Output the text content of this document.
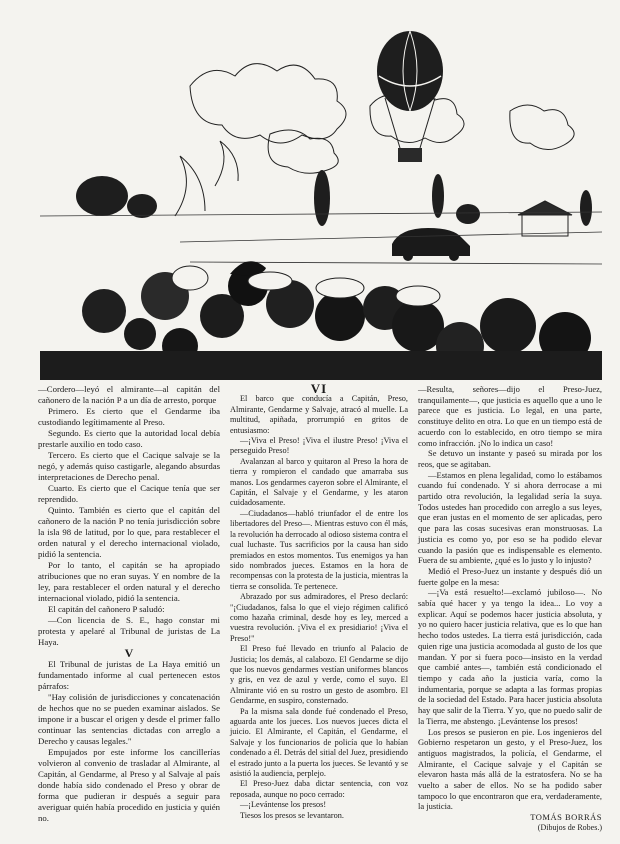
—Cordero—leyó el almirante—al capitán del cañonero de la nación P a un día de arresto, porque

Primero. Es cierto que el Gendarme iba custodiando legítimamente al Preso.

Segundo. Es cierto que la autoridad local debía prestarle auxilio en todo caso.

Tercero. Es cierto que el Cacique salvaje se la negó, y además quiso castigarle, alegando absurdas interpretaciones de Derecho penal.

Cuarto. Es cierto que el Cacique tenía que ser reprendido.

Quinto. También es cierto que el capitán del cañonero de la nación P no tenía jurisdicción sobre la isla 98 de latitud, por lo que, para restablecer el orden natural y el derecho internacional violado, pidió la sentencia.

Por lo tanto, el capitán se ha apropiado atribuciones que no eran suyas. Y en nombre de la ley, para restablecer el orden natural y el derecho internacional violado, pidió la sentencia.

El capitán del cañonero P saludó:

—Con licencia de S. E., hago constar mi protesta y apelaré al Tribunal de juristas de La Haya.

V

El Tribunal de juristas de La Haya emitió un fundamentado informe al cual pertenecen estos párrafos:

"Hay colisión de jurisdicciones y concatenación de hechos que no se pueden examinar aislados. Se impone ir a buscar el origen y desde el primer fallo continuar las sentencias dictadas con arreglo a Derecho y causas legales."

Empujados por este informe los cancillerías volvieron al convenio de trasladar al Almirante, al Capitán, al Gendarme, al Preso y al Salvaje al país donde había sido condenado el Preso y obrar de forma que pudieran ir después a seguir para averiguar quién había procedido en justicia y quién no.

VI

El barco que conducía a Capitán, Preso, Almirante, Gendarme y Salvaje, atracó al muelle. La multitud, apiñada, prorrumpió en gritos de entusiasmo:

—¡Viva el Preso! ¡Viva el ilustre Preso! ¡Viva el perseguido Preso!

Avalanzan al barco y quitaron al Preso la hora de tierra y rompieron el candado que amarraba sus manos. Los gendarmes cayeron sobre el Almirante, el Capitán, el Salvaje y el Gendarme, y les ataron cuidadosamente.

—Ciudadanos—habló triunfador el de entre los libertadores del Preso—. Mientras estuvo con él más, la revolución ha derrocado al odioso sistema contra el cual luchaste. Tus sacrificios por la causa han sido premiados en estos momentos. Tus enemigos ya han sido nombrados jueces. Estamos en la hora de recompensas con la protesta de la justicia, mientras la tierra se consolida. Te pertenece.

Abrazado por sus admiradores, el Preso declaró: "¡Ciudadanos, falsa lo que el viejo régimen calificó como hazaña criminal, desde hoy es ley, merced a vuestra revolución. ¡Viva el ex presidiario! ¡Viva el Preso!"

El Preso fué llevado en triunfo al Palacio de Justicia; los demás, al calabozo. El Gendarme se dijo que los nuevos gendarmes vestían uniformes blancos y gris, en vez de azul y verde, como el suyo. El Almirante vió en su rostro un gesto de asombro. El Gendarme, en suspiro, consternado.

Pa la misma sala donde fué condenado el Preso, aguarda ante los jueces. Los nuevos jueces dicta el juicio. El Almirante, el Capitán, el Gendarme, el Salvaje y los funcionarios de policía que lo habían condenado a él. Detrás del sitial del Juez, presidiendo el estrado junto a la puerta los jueces. Se levantó y se asistió la audiencia, perplejo.

El Preso-Juez daba dictar sentencia, con voz reposada, aunque no poco cerrado:

—¡Levántense los presos!

Tiesos los presos se levantaron.

—Resulta, señores—dijo el Preso-Juez, tranquilamente—, que justicia es aquello que a uno le parece que es justicia. Lo legal, en una parte, constituye delito en otra. Lo que en un tiempo está de acuerdo con lo establecido, en otro tiempo se mira como infracción. ¡No lo indica un caso!

Se detuvo un instante y paseó su mirada por los reos, que se agitaban.

—Estamos en plena legalidad, como lo estábamos cuando fuí condenado. Y si ahora derrocase a mi partido otra revolución, la legalidad sería la suya. Todos ustedes han procedido con arreglo a sus leyes, que eran justas en el momento de ser aplicadas, pero que para las cosas sucesivas eran monstruosas. La justicia es como yo, por eso se ha podido elevar cuando la pasión que es indispensable es elemento. Fuera de su ambiente, ¿qué es lo justo y lo injusto?

Medió el Preso-Juez un instante y después dió un fuerte golpe en la mesa:

—¡Va está resuelto!—exclamó jubiloso—. No sabía qué hacer y ya tengo la idea... Lo voy a explicar. Aquí se podemos hacer justicia absoluta, y yo no quiero hacer justicia relativa, que es lo que han hecho todos ustedes. La tierra está jurisdicción, cada quien rige una justicia acomodada al gusto de los que mandan. Y por si fuera poco—insisto en la verdad que cambié antes—, también está condicionado el tiempo y cada año la justicia varía, como la indumentaria, porque se adapta a las formas propias de la sociedad del Estado. Para hacer justicia absoluta hay que salir de la Tierra. Y yo, que no puedo salir de la Tierra, me abstengo. ¡Levántense los presos!

Los presos se pusieron en pie. Los ingenieros del Gobierno respetaron un gesto, y el Preso-Juez, los antiguos magistrados, la policía, el Gendarme, el Almirante, el Cacique salvaje y el Capitán se elevaron hasta más allá de la estratosfera. No se ha vuelto a saber de ellos. No se ha podido saber tampoco lo que encontraron que era, verdaderamente, la justicia.

TOMÁS BORRÁS

(Dibujos de Robes.)
